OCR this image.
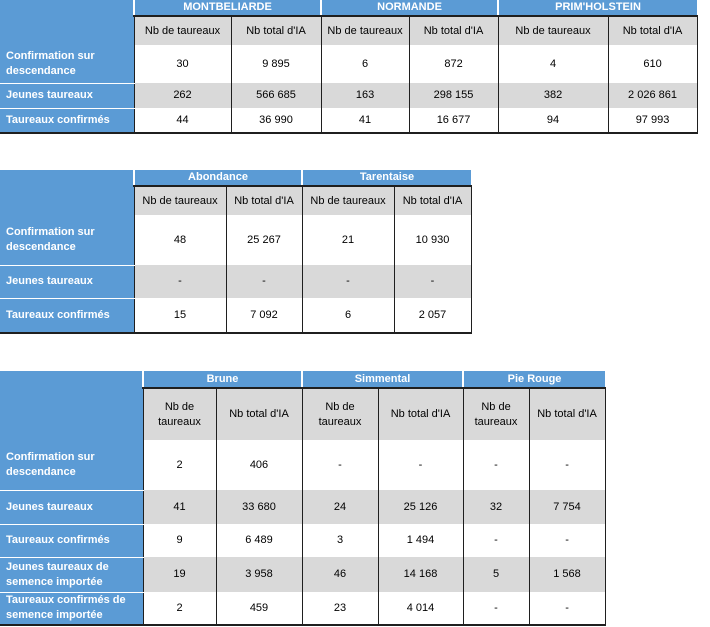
	MONTBELIARDE		NORMANDE		PRIM'HOLSTEIN	
	Nb de taureaux	Nb total d'IA	Nb de taureaux	Nb total d'IA	Nb de taureaux	Nb total d'IA
Confirmation sur descendance	30	9 895	6	872	4	610
Jeunes taureaux	262	566 685	163	298 155	382	2 026 861
Taureaux confirmés	44	36 990	41	16 677	94	97 993
	Abondance		Tarentaise	
	Nb de taureaux	Nb total d'IA	Nb de taureaux	Nb total d'IA
Confirmation sur descendance	48	25 267	21	10 930
Jeunes taureaux	-	-	-	-
Taureaux confirmés	15	7 092	6	2 057
	Brune		Simmental		Pie Rouge	
	Nb de taureaux	Nb total d'IA	Nb de taureaux	Nb total d'IA	Nb de taureaux	Nb total d'IA
Confirmation sur descendance	2	406	-	-	-	-
Jeunes taureaux	41	33 680	24	25 126	32	7 754
Taureaux confirmés	9	6 489	3	1 494	-	-
Jeunes taureaux de semence importée	19	3 958	46	14 168	5	1 568
Taureaux confirmés de semence importée	2	459	23	4 014	-	-
